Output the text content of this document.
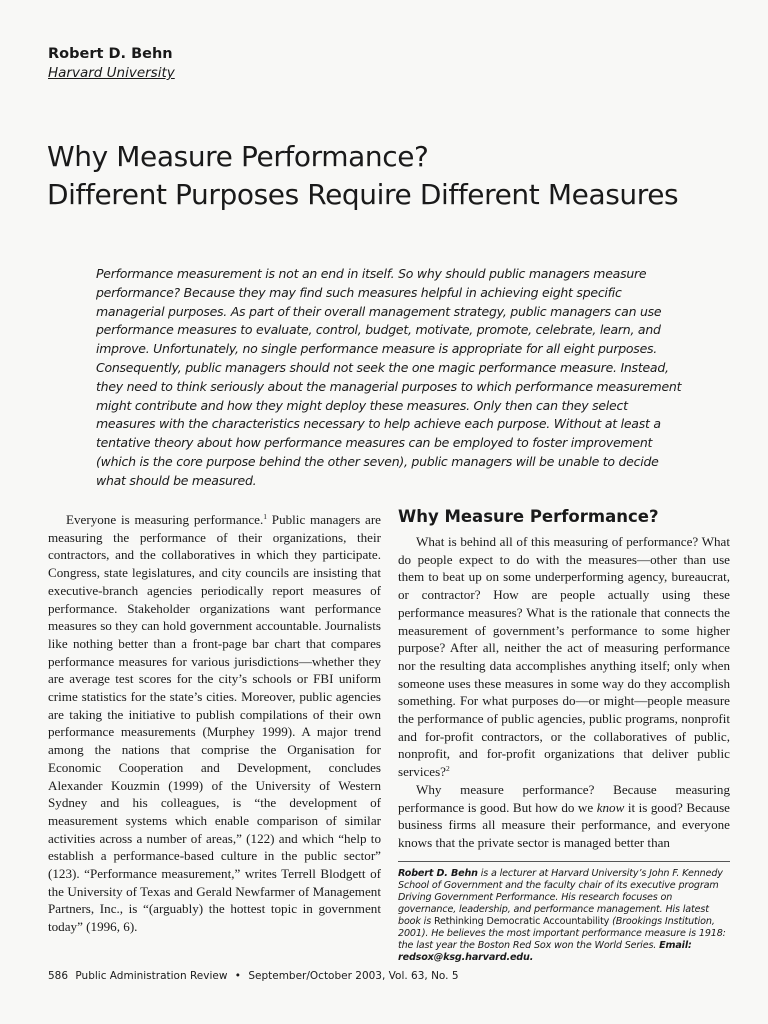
Robert D. Behn
Harvard University
Why Measure Performance?
Different Purposes Require Different Measures

Performance measurement is not an end in itself. So why should public managers measure performance? Because they may find such measures helpful in achieving eight specific managerial purposes. As part of their overall management strategy, public managers can use performance measures to evaluate, control, budget, motivate, promote, celebrate, learn, and improve. Unfortunately, no single performance measure is appropriate for all eight purposes. Consequently, public managers should not seek the one magic performance measure. Instead, they need to think seriously about the managerial purposes to which performance measurement might contribute and how they might deploy these measures. Only then can they select measures with the characteristics necessary to help achieve each purpose. Without at least a tentative theory about how performance measures can be employed to foster improvement (which is the core purpose behind the other seven), public managers will be unable to decide what should be measured.

Everyone is measuring performance.$^1$ Public managers are measuring the performance of their organizations, their contractors, and the collaboratives in which they participate. Congress, state legislatures, and city councils are insisting that executive-branch agencies periodically report measures of performance. Stakeholder organizations want performance measures so they can hold government accountable. Journalists like nothing better than a front-page bar chart that compares performance measures for various jurisdictions—whether they are average test scores for the city’s schools or FBI uniform crime statistics for the state’s cities. Moreover, public agencies are taking the initiative to publish compilations of their own performance measurements (Murphey 1999). A major trend among the nations that comprise the Organisation for Economic Cooperation and Development, concludes Alexander Kouzmin (1999) of the University of Western Sydney and his colleagues, is “the development of measurement systems which enable comparison of similar activities across a number of areas,” (122) and which “help to establish a performance-based culture in the public sector” (123). “Performance measurement,” writes Terrell Blodgett of the University of Texas and Gerald Newfarmer of Management Partners, Inc., is “(arguably) the hottest topic in government today” (1996, 6).

Why Measure Performance?

What is behind all of this measuring of performance? What do people expect to do with the measures—other than use them to beat up on some underperforming agency, bureaucrat, or contractor? How are people actually using these performance measures? What is the rationale that connects the measurement of government’s performance to some higher purpose? After all, neither the act of measuring performance nor the resulting data accomplishes anything itself; only when someone uses these measures in some way do they accomplish something. For what purposes do—or might—people measure the performance of public agencies, public programs, nonprofit and for-profit contractors, or the collaboratives of public, nonprofit, and for-profit organizations that deliver public services?$^2$

Why measure performance? Because measuring performance is good. But how do we know it is good? Because business firms all measure their performance, and everyone knows that the private sector is managed better than

Robert D. Behn is a lecturer at Harvard University’s John F. Kennedy School of Government and the faculty chair of its executive program Driving Government Performance. His research focuses on governance, leadership, and performance management. His latest book is Rethinking Democratic Accountability (Brookings Institution, 2001). He believes the most important performance measure is 1918: the last year the Boston Red Sox won the World Series. Email: redsox@ksg.harvard.edu.

586 Public Administration Review • September/October 2003, Vol. 63, No. 5
